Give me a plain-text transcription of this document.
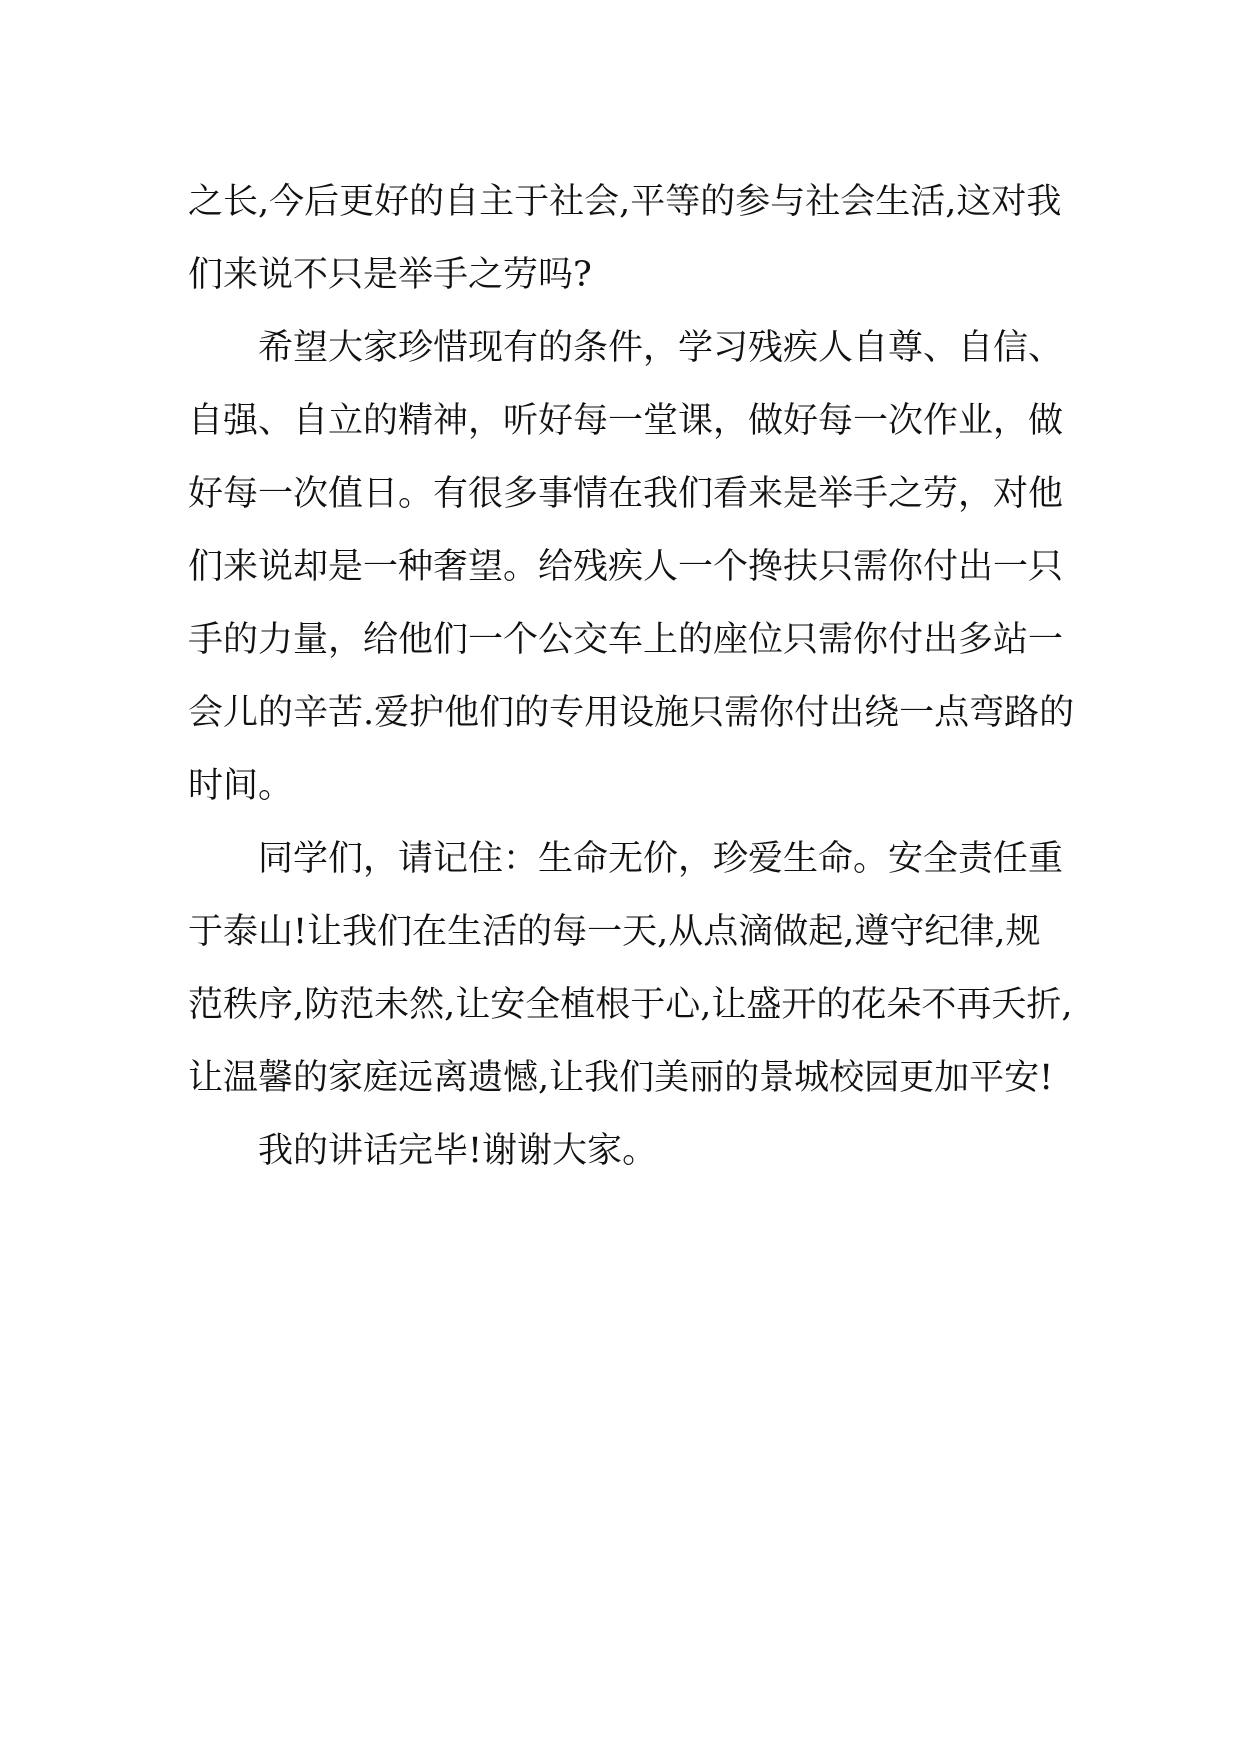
之长,今后更好的自主于社会,平等的参与社会生活,这对我
们来说不只是举手之劳吗?
希望大家珍惜现有的条件，学习残疾人自尊、自信、
自强、自立的精神，听好每一堂课，做好每一次作业，做
好每一次值日。有很多事情在我们看来是举手之劳，对他
们来说却是一种奢望。给残疾人一个搀扶只需你付出一只
手的力量，给他们一个公交车上的座位只需你付出多站一
会儿的辛苦.爱护他们的专用设施只需你付出绕一点弯路的
时间。
同学们，请记住：生命无价，珍爱生命。安全责任重
于泰山!让我们在生活的每一天,从点滴做起,遵守纪律,规
范秩序,防范未然,让安全植根于心,让盛开的花朵不再夭折,
让温馨的家庭远离遗憾,让我们美丽的景城校园更加平安!
我的讲话完毕!谢谢大家。
